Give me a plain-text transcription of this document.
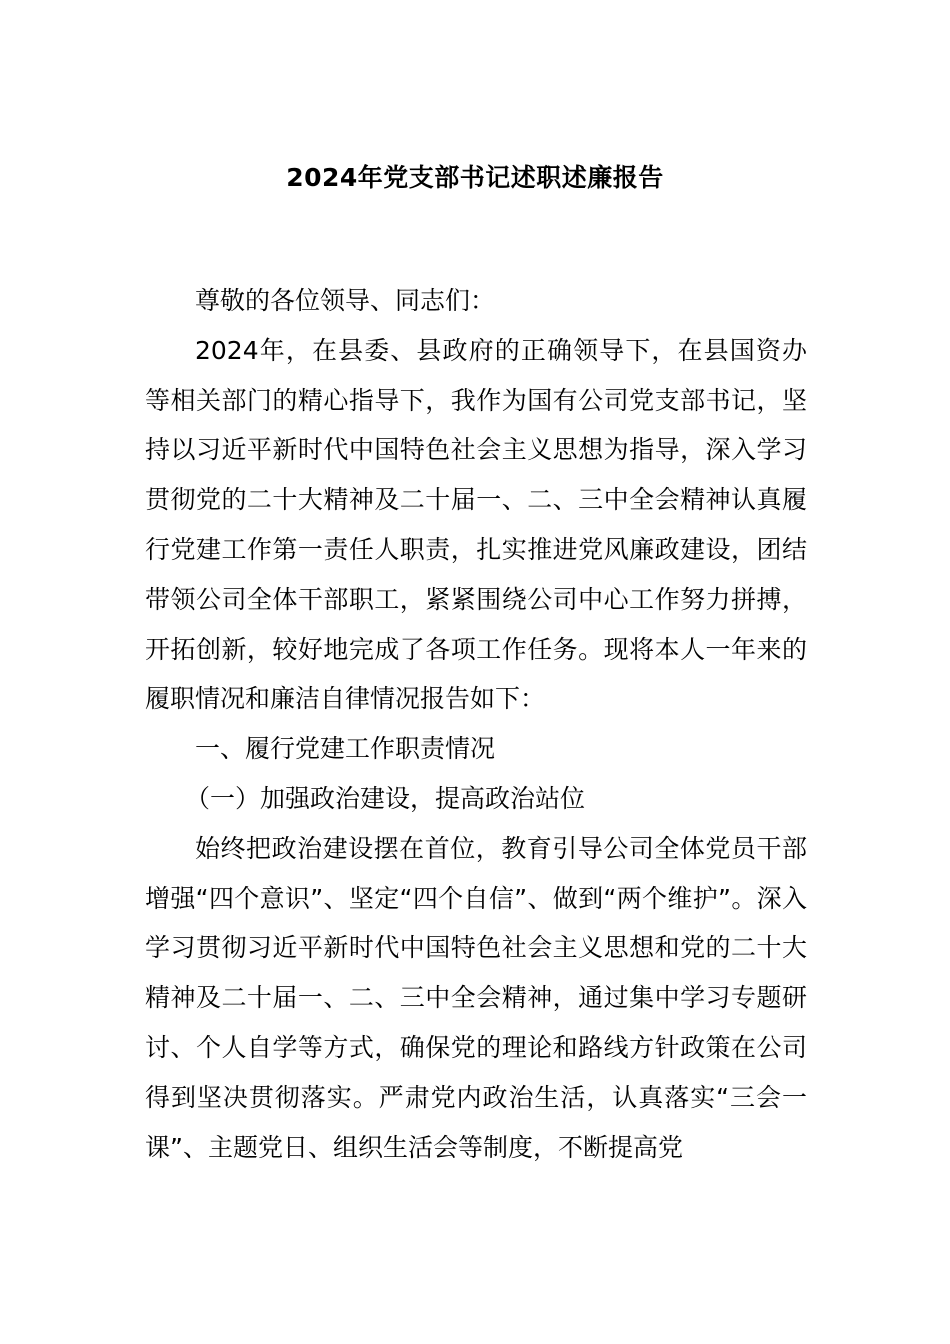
2024年党支部书记述职述廉报告

尊敬的各位领导、同志们：

2024年，在县委、县政府的正确领导下，在县国资办等相关部门的精心指导下，我作为国有公司党支部书记，坚持以习近平新时代中国特色社会主义思想为指导，深入学习贯彻党的二十大精神及二十届一、二、三中全会精神认真履行党建工作第一责任人职责，扎实推进党风廉政建设，团结带领公司全体干部职工，紧紧围绕公司中心工作努力拼搏，开拓创新，较好地完成了各项工作任务。现将本人一年来的履职情况和廉洁自律情况报告如下：

一、履行党建工作职责情况

（一）加强政治建设，提高政治站位

始终把政治建设摆在首位，教育引导公司全体党员干部增强“四个意识”、坚定“四个自信”、做到“两个维护”。深入学习贯彻习近平新时代中国特色社会主义思想和党的二十大精神及二十届一、二、三中全会精神，通过集中学习专题研讨、个人自学等方式，确保党的理论和路线方针政策在公司得到坚决贯彻落实。严肃党内政治生活，认真落实“三会一课”、主题党日、组织生活会等制度，不断提高党
